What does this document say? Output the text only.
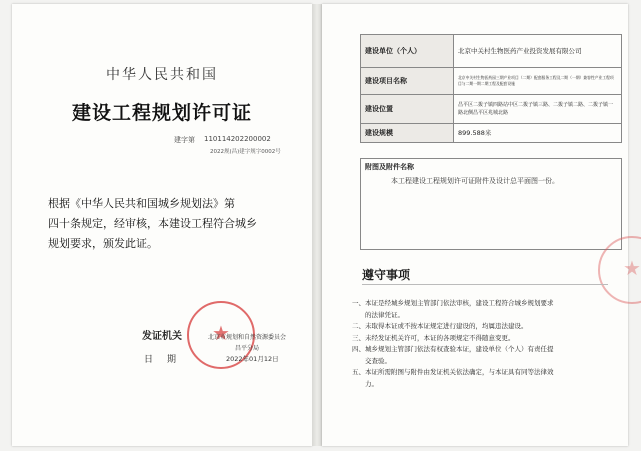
中华人民共和国
建设工程规划许可证
建字第 110114202200002
2022规(昌)建字规字0002号
根据《中华人民共和国城乡规划法》第
四十条规定，经审核，本建设工程符合城乡
规划要求，颁发此证。
★
发证机关	北京市规划和自然资源委员会
昌平分局
日期	2022年01月12日
建设单位（个人）	北京中关村生物医药产业投资发展有限公司
建设项目名称	北京中关村生物医药园三期产业项目（二期）配套服务工程及二期（一期）兼容性产业工程项目与二期一期二期工程及配套设施
建设位置	昌平区二拨子镇四路站中区二拨子镇三路、二拨子镇二路、二拨子镇一路北侧昌平区兆城北路
建设规模	899.588米
附图及附件名称
本工程建设工程规划许可证附件及设计总平面图一份。
★
遵守事项
一、本证是经城乡规划主管部门依法审核，建设工程符合城乡规划要求
　　的法律凭证。
二、未取得本证或不按本证规定进行建设的，均属违法建设。
三、未经发证机关许可，本证的各项规定不得随意变更。
四、城乡规划主管部门依法有权查验本证，建设单位（个人）有责任提
　　交查验。
五、本证所需附图与附件由发证机关依法确定，与本证具有同等法律效
　　力。
